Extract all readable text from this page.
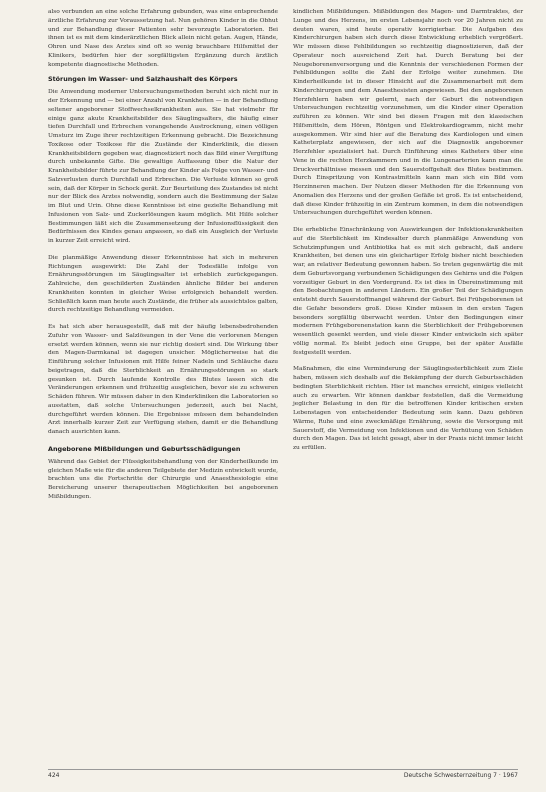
also verbunden an eine solche Erfahrung gebunden, was eine entsprechende ärztliche Erfahrung zur Voraussetzung hat. Nun gehören Kinder in die Obhut und zur Behandlung dieser Patienten sehr bevorzugte Laboratorien. Bei ihnen ist es mit dem kinderärztlichen Blick allein nicht getan. Augen, Hände, Ohren und Nase des Arztes sind oft so wenig brauchbare Hilfsmittel der Klinikers, bedürfen hier der sorgfältigsten Ergänzung durch ärztlich kompetente diagnostische Methoden.

Störungen im Wasser- und Salzhaushalt des Körpers

Die Anwendung moderner Untersuchungsmethoden beruht sich nicht nur in der Erkennung und — bei einer Anzahl von Krankheiten — in der Behandlung seltener angeborener Stoffwechselkrankheiten aus. Sie hat vielmehr für einige ganz akute Krankheitsbilder des Säuglingsalters, die häufig einer tiefen Durchfall und Erbrechen vorangehende Austrocknung, einen völligen Umsturz im Zuge ihrer rechtzeitigen Erkennung gebracht. Die Bezeichnung Toxikose oder Toxikose für die Zustände der Kinderklinik, die diesen Krankheitsbildern gegeben war, diagnostiziert noch das Bild einer Vergiftung durch unbekannte Gifte. Die gewaltige Auffassung über die Natur der Krankheitsbilder führte zur Behandlung der Kinder als Folge von Wasser- und Salzverlusten durch Durchfall und Erbrechen. Die Verluste können so groß sein, daß der Körper in Schock gerät. Zur Beurteilung des Zustandes ist nicht nur der Blick des Arztes notwendig, sondern auch die Bestimmung der Salze im Blut und Urin. Ohne diese Kenntnisse ist eine gezielte Behandlung mit Infusionen von Salz- und Zuckerlösungen kaum möglich. Mit Hilfe solcher Bestimmungen läßt sich die Zusammensetzung der Infusionsflüssigkeit den Bedürfnissen des Kindes genau anpassen, so daß ein Ausgleich der Verluste in kurzer Zeit erreicht wird.

Die planmäßige Anwendung dieser Erkenntnisse hat sich in mehreren Richtungen ausgewirkt: Die Zahl der Todesfälle infolge von Ernährungsstörungen im Säuglingsalter ist erheblich zurückgegangen. Zahlreiche, den geschilderten Zuständen ähnliche Bilder bei anderen Krankheiten konnten in gleicher Weise erfolgreich behandelt werden. Schließlich kann man heute auch Zustände, die früher als aussichtslos galten, durch rechtzeitige Behandlung vermeiden.

Es hat sich aber herausgestellt, daß mit der häufig lebensbedrohenden Zufuhr von Wasser- und Salzlösungen in der Vene die verlorenen Mengen ersetzt werden können, wenn sie nur richtig dosiert sind. Die Wirkung über den Magen-Darmkanal ist dagegen unsicher. Möglicherweise hat die Einführung solcher Infusionen mit Hilfe feiner Nadeln und Schläuche dazu beigetragen, daß die Sterblichkeit an Ernährungsstörungen so stark gesunken ist. Durch laufende Kontrolle des Blutes lassen sich die Veränderungen erkennen und frühzeitig ausgleichen, bevor sie zu schweren Schäden führen. Wir müssen daher in den Kinderkliniken die Laboratorien so ausstatten, daß solche Untersuchungen jederzeit, auch bei Nacht, durchgeführt werden können. Die Ergebnisse müssen dem behandelnden Arzt innerhalb kurzer Zeit zur Verfügung stehen, damit er die Behandlung danach ausrichten kann.

Angeborene Mißbildungen und Geburtsschädigungen

Während das Gebiet der Flüssigkeitsbehandlung von der Kinderheilkunde im gleichen Maße wie für die anderen Teilgebiete der Medizin entwickelt wurde, brachten uns die Fortschritte der Chirurgie und Anaesthesiologie eine Bereicherung unserer therapeutischen Möglichkeiten bei angeborenen Mißbildungen.

kindlichen Mißbildungen. Mißbildungen des Magen- und Darmtraktes, der Lunge und des Herzens, im ersten Lebensjahr noch vor 20 Jahren nicht zu deuten waren, sind heute operativ korrigierbar. Die Aufgaben des Kinderchirurgen haben sich durch diese Entwicklung erheblich vergrößert. Wir müssen diese Fehlbildungen so rechtzeitig diagnostizieren, daß der Operateur noch ausreichend Zeit hat. Durch Beratung bei der Neugeborenenversorgung und die Kenntnis der verschiedenen Formen der Fehlbildungen sollte die Zahl der Erfolge weiter zunehmen. Die Kinderheilkunde ist in dieser Hinsicht auf die Zusammenarbeit mit dem Kinderchirurgen und dem Anaesthesisten angewiesen. Bei den angeborenen Herzfehlern haben wir gelernt, nach der Geburt die notwendigen Untersuchungen rechtzeitig vorzunehmen, um die Kinder einer Operation zuführen zu können. Wir sind bei diesen Fragen mit den klassischen Hilfsmitteln, dem Hören, Röntgen und Elektrokardiogramm, nicht mehr ausgekommen. Wir sind hier auf die Beratung des Kardiologen und einen Katheterplatz angewiesen, der sich auf die Diagnostik angeborener Herzfehler spezialisiert hat. Durch Einführung eines Katheters über eine Vene in die rechten Herzkammern und in die Lungenarterien kann man die Druckverhältnisse messen und den Sauerstoffgehalt des Blutes bestimmen. Durch Einspritzung von Kontrastmitteln kann man sich ein Bild vom Herzinneren machen. Der Nutzen dieser Methoden für die Erkennung von Anomalien des Herzens und der großen Gefäße ist groß. Es ist entscheidend, daß diese Kinder frühzeitig in ein Zentrum kommen, in dem die notwendigen Untersuchungen durchgeführt werden können.

Die erhebliche Einschränkung von Auswirkungen der Infektionskrankheiten auf die Sterblichkeit im Kindesalter durch planmäßige Anwendung von Schutzimpfungen und Antibiotika hat es mit sich gebracht, daß andere Krankheiten, bei denen uns ein gleichartiger Erfolg bisher nicht beschieden war, an relativer Bedeutung gewonnen haben. So treten gegenwärtig die mit dem Geburtsvorgang verbundenen Schädigungen des Gehirns und die Folgen vorzeitiger Geburt in den Vordergrund. Es ist dies in Übereinstimmung mit den Beobachtungen in anderen Ländern. Ein großer Teil der Schädigungen entsteht durch Sauerstoffmangel während der Geburt. Bei Frühgeborenen ist die Gefahr besonders groß. Diese Kinder müssen in den ersten Tagen besonders sorgfältig überwacht werden. Unter den Bedingungen einer modernen Frühgeborenenstation kann die Sterblichkeit der Frühgeborenen wesentlich gesenkt werden, und viele dieser Kinder entwickeln sich später völlig normal. Es bleibt jedoch eine Gruppe, bei der später Ausfälle festgestellt werden.

Maßnahmen, die eine Verminderung der Säuglingssterblichkeit zum Ziele haben, müssen sich deshalb auf die Bekämpfung der durch Geburtsschäden bedingten Sterblichkeit richten. Hier ist manches erreicht, einiges vielleicht auch zu erwarten. Wir können dankbar feststellen, daß die Vermeidung jeglicher Belastung in den für die betroffenen Kinder kritischen ersten Lebenstagen von entscheidender Bedeutung sein kann. Dazu gehören Wärme, Ruhe und eine zweckmäßige Ernährung, sowie die Versorgung mit Sauerstoff, die Vermeidung von Infektionen und die Verhütung von Schäden durch den Magen. Das ist leicht gesagt, aber in der Praxis nicht immer leicht zu erfüllen.

424	Deutsche Schwesternzeitung 7 · 1967
